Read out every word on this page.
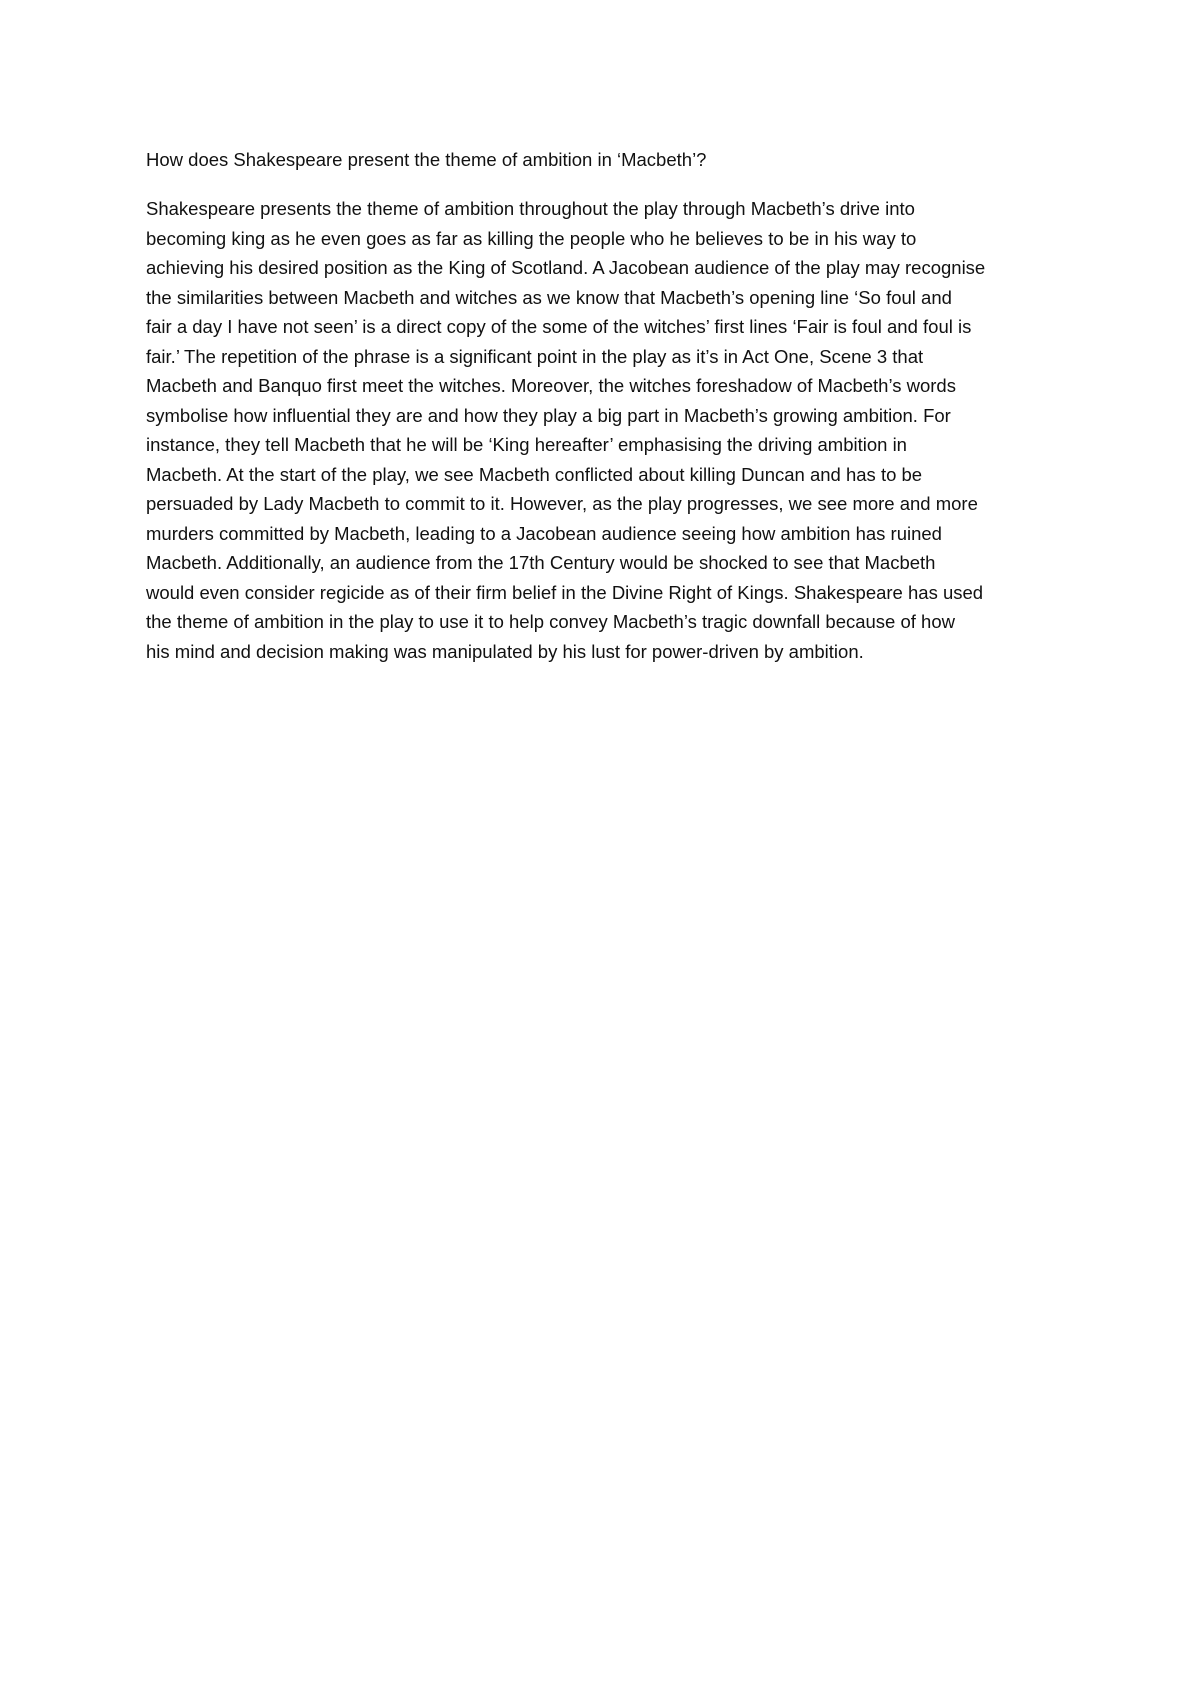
How does Shakespeare present the theme of ambition in ‘Macbeth’?
Shakespeare presents the theme of ambition throughout the play through Macbeth’s drive into
becoming king as he even goes as far as killing the people who he believes to be in his way to
achieving his desired position as the King of Scotland. A Jacobean audience of the play may recognise
the similarities between Macbeth and witches as we know that Macbeth’s opening line ‘So foul and
fair a day I have not seen’ is a direct copy of the some of the witches’ first lines ‘Fair is foul and foul is
fair.’ The repetition of the phrase is a significant point in the play as it’s in Act One, Scene 3 that
Macbeth and Banquo first meet the witches. Moreover, the witches foreshadow of Macbeth’s words
symbolise how influential they are and how they play a big part in Macbeth’s growing ambition. For
instance, they tell Macbeth that he will be ‘King hereafter’ emphasising the driving ambition in
Macbeth. At the start of the play, we see Macbeth conflicted about killing Duncan and has to be
persuaded by Lady Macbeth to commit to it. However, as the play progresses, we see more and more
murders committed by Macbeth, leading to a Jacobean audience seeing how ambition has ruined
Macbeth. Additionally, an audience from the 17th Century would be shocked to see that Macbeth
would even consider regicide as of their firm belief in the Divine Right of Kings. Shakespeare has used
the theme of ambition in the play to use it to help convey Macbeth’s tragic downfall because of how
his mind and decision making was manipulated by his lust for power-driven by ambition.
